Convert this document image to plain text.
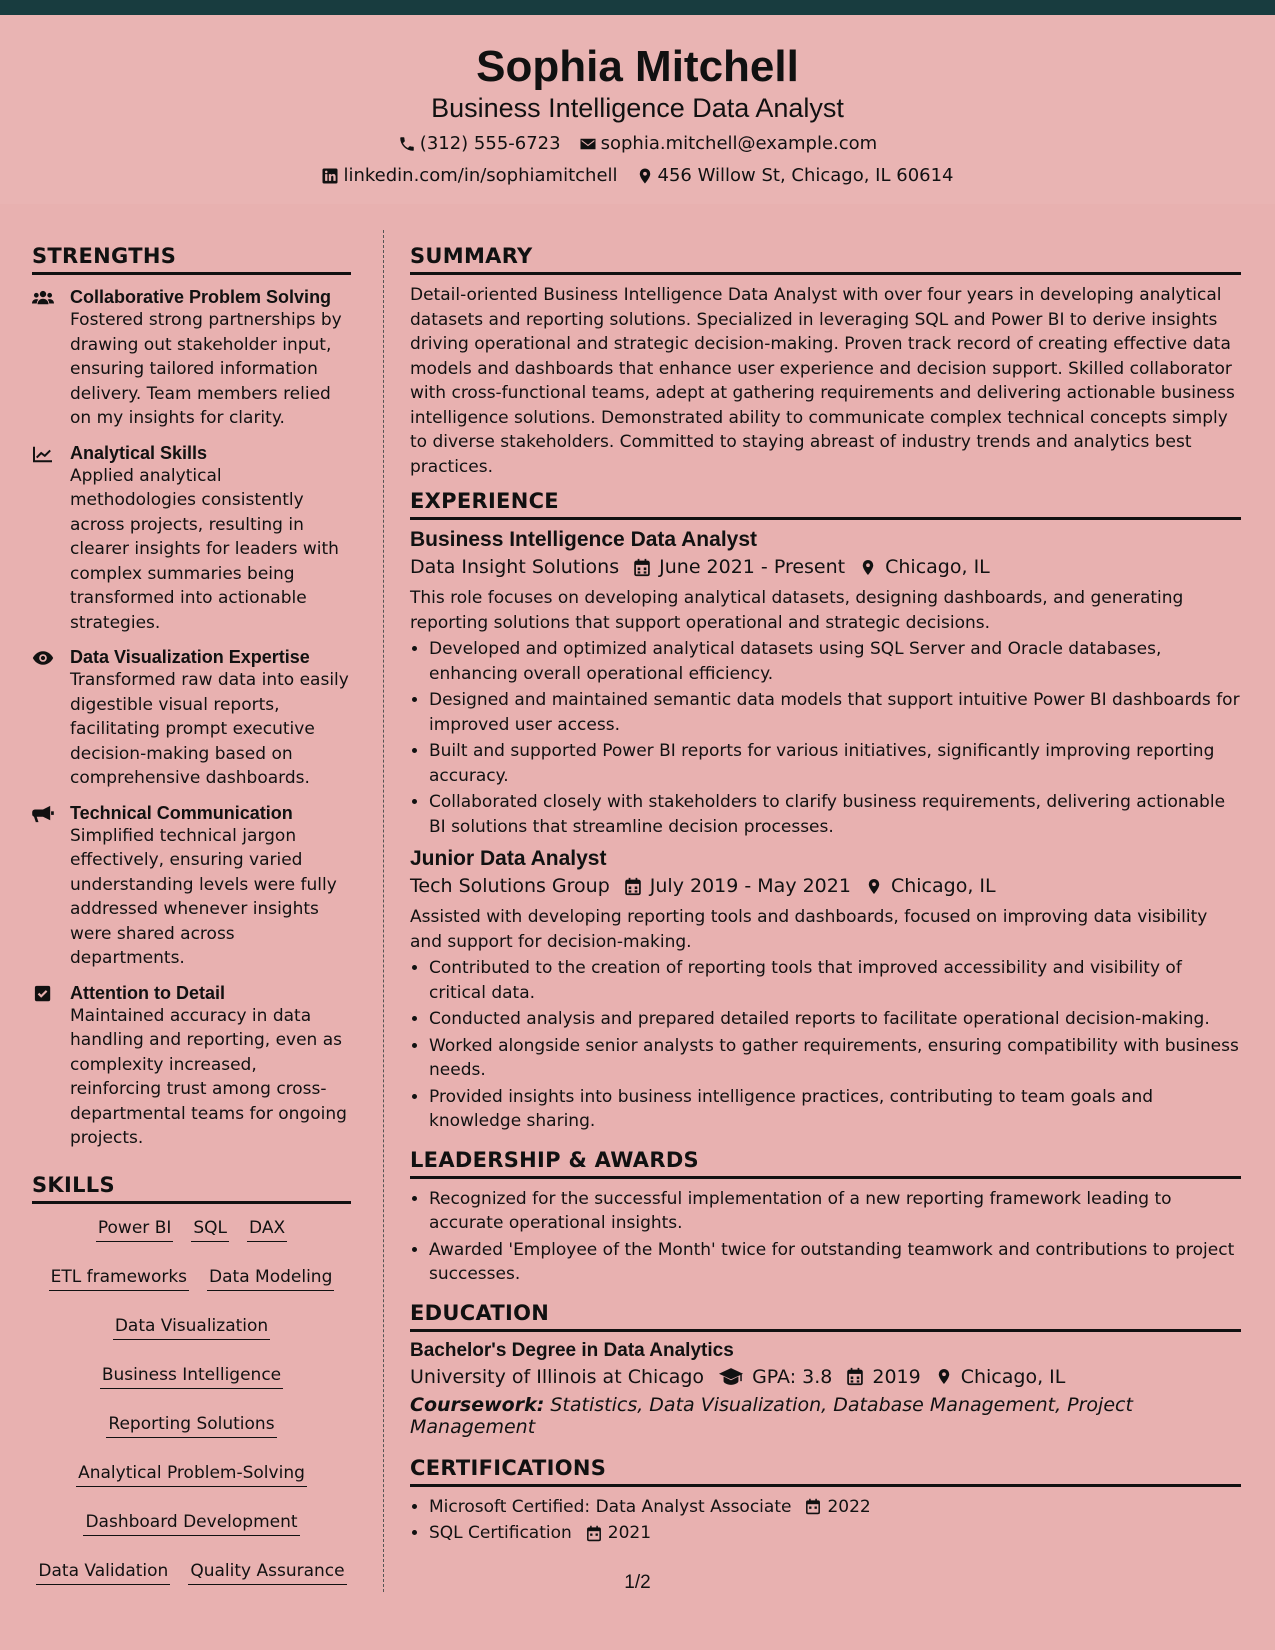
Sophia Mitchell
Business Intelligence Data Analyst
(312) 555-6723 sophia.mitchell@example.com
linkedin.com/in/sophiamitchell 456 Willow St, Chicago, IL 60614
STRENGTHS
Collaborative Problem Solving
Fostered strong partnerships by drawing out stakeholder input, ensuring tailored information delivery. Team members relied on my insights for clarity.
Analytical Skills
Applied analytical methodologies consistently across projects, resulting in clearer insights for leaders with complex summaries being transformed into actionable strategies.
Data Visualization Expertise
Transformed raw data into easily digestible visual reports, facilitating prompt executive decision-making based on comprehensive dashboards.
Technical Communication
Simplified technical jargon effectively, ensuring varied understanding levels were fully addressed whenever insights were shared across departments.
Attention to Detail
Maintained accuracy in data handling and reporting, even as complexity increased, reinforcing trust among cross-departmental teams for ongoing projects.
SKILLS
Power BI SQL DAX
ETL frameworks Data Modeling
Data Visualization
Business Intelligence
Reporting Solutions
Analytical Problem-Solving
Dashboard Development
Data Validation Quality Assurance
SUMMARY

Detail-oriented Business Intelligence Data Analyst with over four years in developing analytical datasets and reporting solutions. Specialized in leveraging SQL and Power BI to derive insights driving operational and strategic decision-making. Proven track record of creating effective data models and dashboards that enhance user experience and decision support. Skilled collaborator with cross-functional teams, adept at gathering requirements and delivering actionable business intelligence solutions. Demonstrated ability to communicate complex technical concepts simply to diverse stakeholders. Committed to staying abreast of industry trends and analytics best practices.

EXPERIENCE
Business Intelligence Data Analyst
Data Insight Solutions June 2021 - Present Chicago, IL
This role focuses on developing analytical datasets, designing dashboards, and generating reporting solutions that support operational and strategic decisions.
• Developed and optimized analytical datasets using SQL Server and Oracle databases, enhancing overall operational efficiency.
• Designed and maintained semantic data models that support intuitive Power BI dashboards for improved user access.
• Built and supported Power BI reports for various initiatives, significantly improving reporting accuracy.
• Collaborated closely with stakeholders to clarify business requirements, delivering actionable BI solutions that streamline decision processes.
Junior Data Analyst
Tech Solutions Group July 2019 - May 2021 Chicago, IL
Assisted with developing reporting tools and dashboards, focused on improving data visibility and support for decision-making.
• Contributed to the creation of reporting tools that improved accessibility and visibility of critical data.
• Conducted analysis and prepared detailed reports to facilitate operational decision-making.
• Worked alongside senior analysts to gather requirements, ensuring compatibility with business needs.
• Provided insights into business intelligence practices, contributing to team goals and knowledge sharing.
LEADERSHIP & AWARDS
• Recognized for the successful implementation of a new reporting framework leading to accurate operational insights.
• Awarded 'Employee of the Month' twice for outstanding teamwork and contributions to project successes.
EDUCATION
Bachelor's Degree in Data Analytics
University of Illinois at Chicago	GPA: 3.8 2019 Chicago, IL
Coursework: Statistics, Data Visualization, Database Management, Project Management
CERTIFICATIONS
• Microsoft Certified: Data Analyst Associate 2022
• SQL Certification 2021
1/2
